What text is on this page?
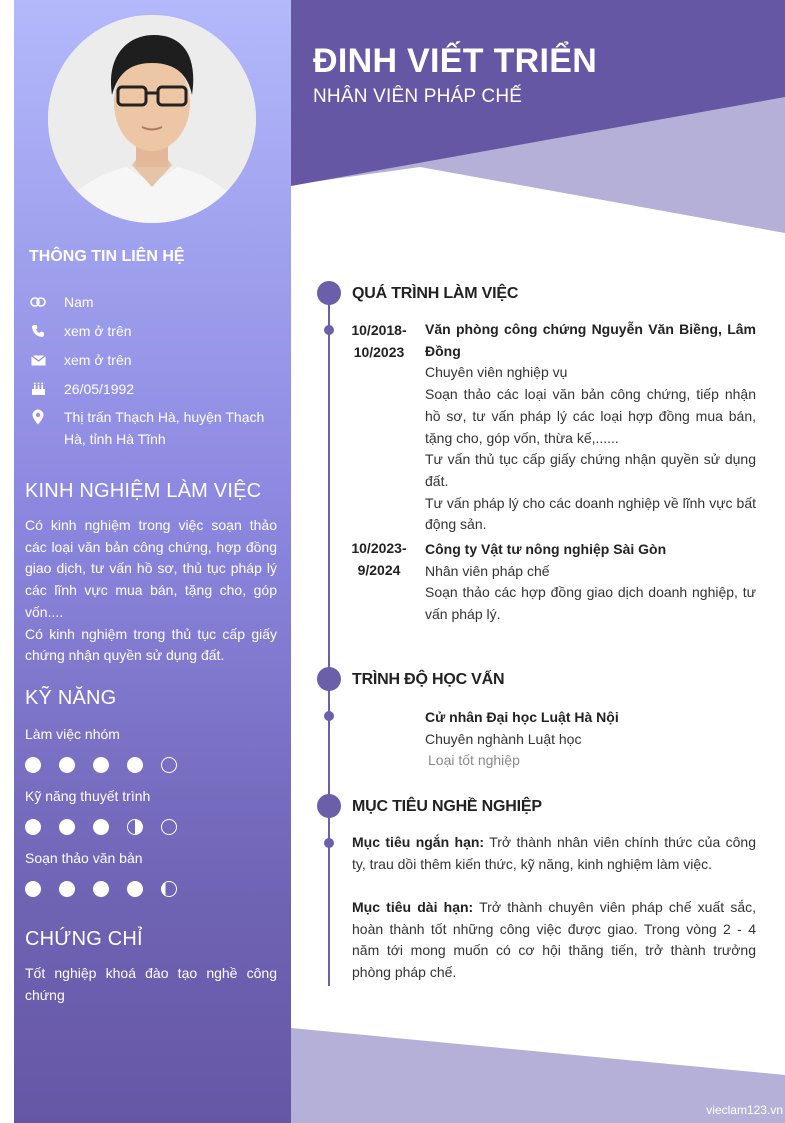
THÔNG TIN LIÊN HỆ
Nam
xem ở trên
xem ở trên
26/05/1992
Thị trấn Thạch Hà, huyện Thạch Hà, tỉnh Hà Tĩnh
KINH NGHIỆM LÀM VIỆC

Có kinh nghiệm trong việc soạn thảo các loại văn bản công chứng, hợp đồng giao dịch, tư vấn hồ sơ, thủ tục pháp lý các lĩnh vực mua bán, tặng cho, góp vốn....

Có kinh nghiệm trong thủ tục cấp giấy chứng nhận quyền sử dụng đất.

KỸ NĂNG
Làm việc nhóm
Kỹ năng thuyết trình
Soạn thảo văn bản
CHỨNG CHỈ
Tốt nghiệp khoá đào tạo nghề công chứng
ĐINH VIẾT TRIỂN
NHÂN VIÊN PHÁP CHẾ
QUÁ TRÌNH LÀM VIỆC
10/2018-
10/2023
Văn phòng công chứng Nguyễn Văn Biềng, Lâm Đồng
Chuyên viên nghiệp vụ

Soạn thảo các loại văn bản công chứng, tiếp nhận hồ sơ, tư vấn pháp lý các loại hợp đồng mua bán, tặng cho, góp vốn, thừa kế,......

Tư vấn thủ tục cấp giấy chứng nhận quyền sử dụng đất.

Tư vấn pháp lý cho các doanh nghiệp về lĩnh vực bất động sản.

10/2023-
9/2024
Công ty Vật tư nông nghiệp Sài Gòn
Nhân viên pháp chế

Soạn thảo các hợp đồng giao dịch doanh nghiệp, tư vấn pháp lý.

TRÌNH ĐỘ HỌC VẤN
Cử nhân Đại học Luật Hà Nội
Chuyên nghành Luật học
Loại tốt nghiệp
MỤC TIÊU NGHỀ NGHIỆP
Mục tiêu ngắn hạn: Trở thành nhân viên chính thức của công ty, trau dồi thêm kiến thức, kỹ năng, kinh nghiệm làm việc.
Mục tiêu dài hạn: Trở thành chuyên viên pháp chế xuất sắc, hoàn thành tốt những công việc được giao. Trong vòng 2 - 4 năm tới mong muốn có cơ hội thăng tiến, trở thành trưởng phòng pháp chế.
vieclam123.vn
